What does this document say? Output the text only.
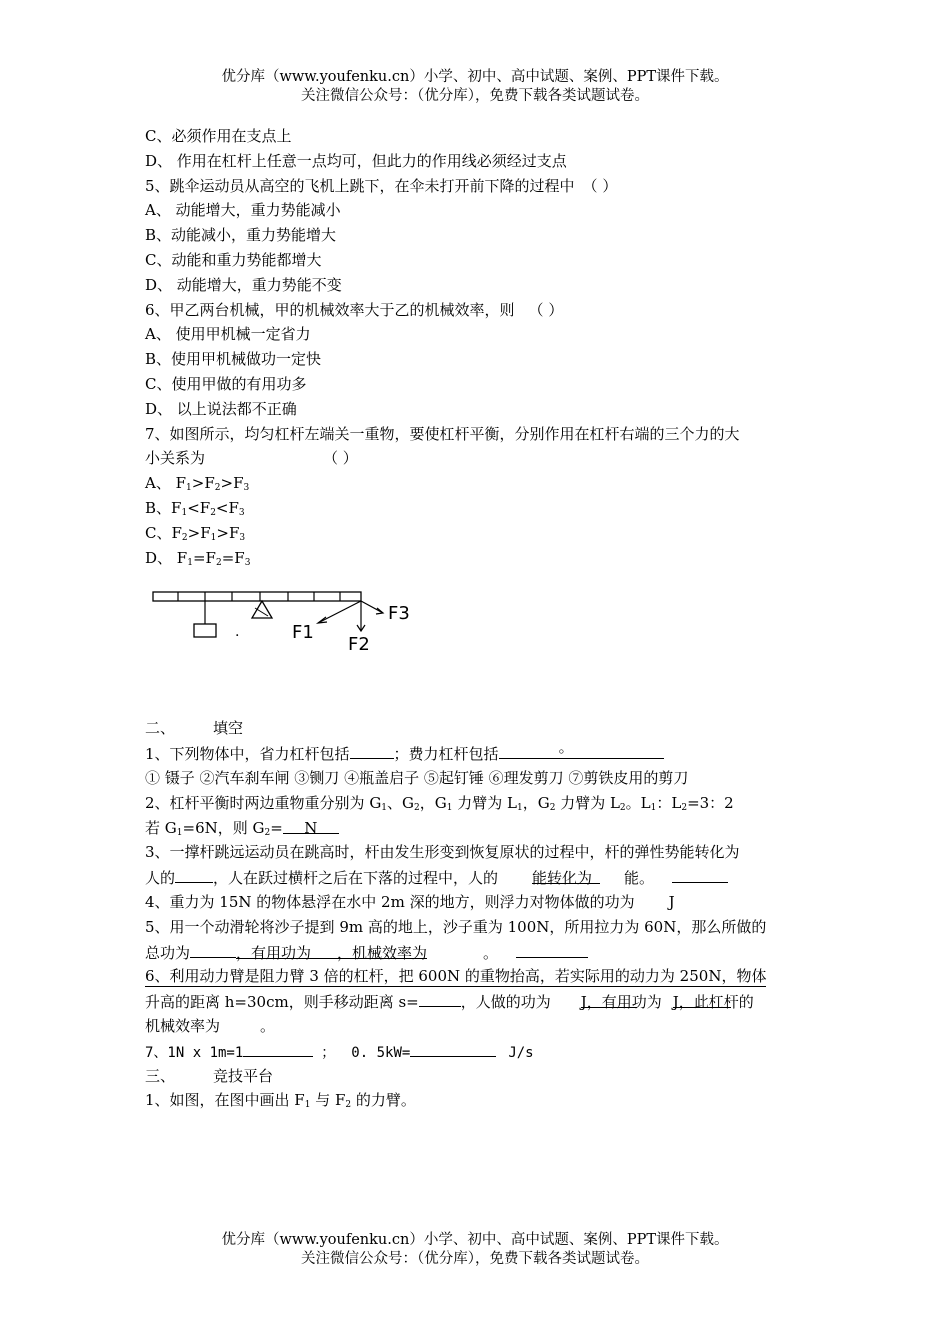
优分库（www.youfenku.cn）小学、初中、高中试题、案例、PPT课件下载。
关注微信公众号：（优分库），免费下载各类试题试卷。
C、必须作用在支点上
D、 作用在杠杆上任意一点均可，但此力的作用线必须经过支点
5、跳伞运动员从高空的飞机上跳下，在伞未打开前下降的过程中 （ ）
A、 动能增大，重力势能减小
B、动能减小，重力势能增大
C、动能和重力势能都增大
D、 动能增大，重力势能不变
6、甲乙两台机械，甲的机械效率大于乙的机械效率，则 （ ）
A、 使用甲机械一定省力
B、使用甲机械做功一定快
C、使用甲做的有用功多
D、 以上说法都不正确
7、如图所示，均匀杠杆左端关一重物，要使杠杆平衡，分别作用在杠杆右端的三个力的大
小关系为	（ ）
A、 $F_1>F_2>F_3$
B、$F_1<F_2<F_3$
C、$F_2>F_1>F_3$
D、 $F_1=F_2=F_3$
二、	填空
1、下列物体中，省力杠杆包括	；费力杠杆包括	。
① 镊子 ②汽车刹车闸 ③铡刀 ④瓶盖启子 ⑤起钉锤 ⑥理发剪刀 ⑦剪铁皮用的剪刀
2、杠杆平衡时两边重物重分别为 $G_1$、$G_2$，$G_1$ 力臂为 $L_1$，$G_2$ 力臂为 $L_2$。$L_1$：$L_2=3$：2
若 $G_1=6N$，则 $G_2= N$
3、一撑杆跳远运动员在跳高时，杆由发生形变到恢复原状的过程中，杆的弹性势能转化为
人的	，人在跃过横杆之后在下落的过程中，人的 能转化为 能。
4、重力为 15N 的物体悬浮在水中 2m 深的地方，则浮力对物体做的功为 J
5、用一个动滑轮将沙子提到 9m 高的地上，沙子重为 100N，所用拉力为 60N，那么所做的
总功为	，有用功为 ，机械效率为	。
6、利用动力臂是阻力臂 3 倍的杠杆，把 600N 的重物抬高，若实际用的动力为 250N，物体
升高的距离 h=30cm，则手移动距离 s=	，人做的功为 J，有用功为 J，此杠杆的
机械效率为	。
7、1N x 1m=1	； 0. 5kW=	J/s
三、	竞技平台
1、如图，在图中画出 $F_1$ 与 $F_2$ 的力臂。
.	F1
F2
F3
优分库（www.youfenku.cn）小学、初中、高中试题、案例、PPT课件下载。
关注微信公众号：（优分库），免费下载各类试题试卷。
